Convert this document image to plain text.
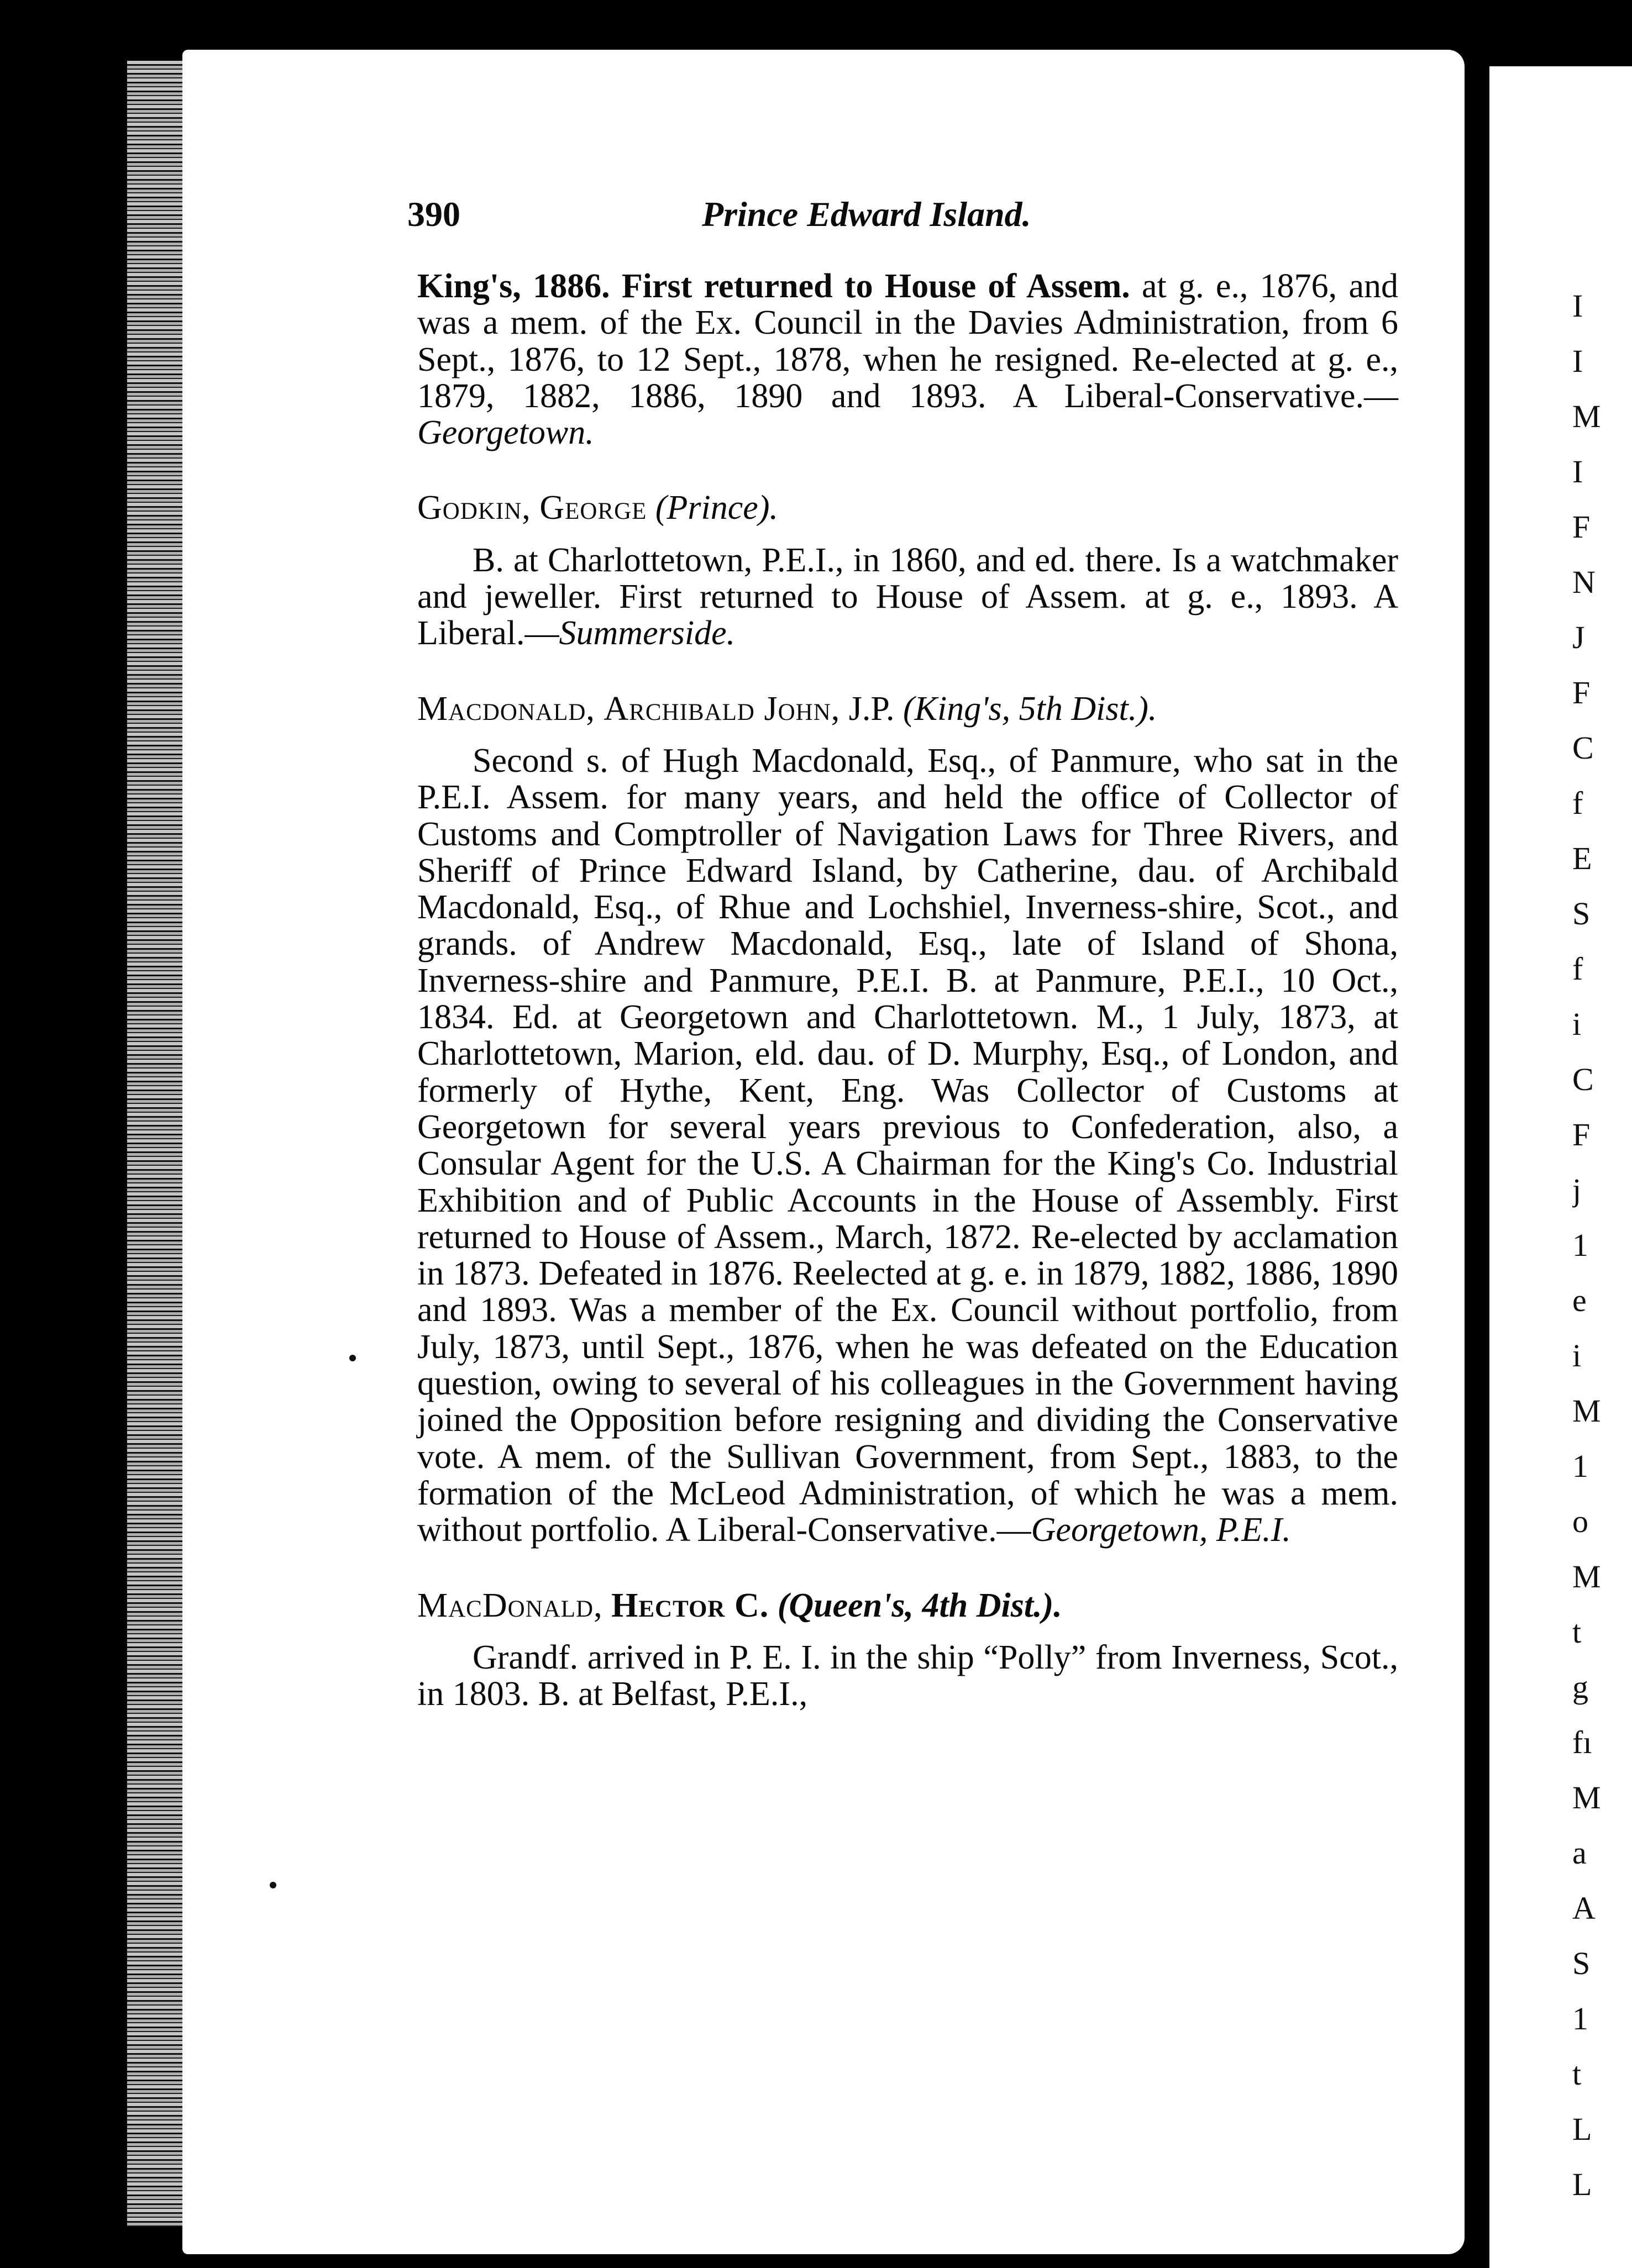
I
I
M
I
F
N
J
F
C
f
E
S
f
i
C
F
j
1
e
i
M
1
o
M
t
g
fı
M
a
A
S
1
t
L
L
390	Prince Edward Island.

King's, 1886. First returned to House of Assem. at g. e., 1876, and was a mem. of the Ex. Council in the Davies Administration, from 6 Sept., 1876, to 12 Sept., 1878, when he resigned. Re-elected at g. e., 1879, 1882, 1886, 1890 and 1893. A Liberal-Conservative.—Georgetown.

Godkin, George (Prince).

B. at Charlottetown, P.E.I., in 1860, and ed. there. Is a watchmaker and jeweller. First returned to House of Assem. at g. e., 1893. A Liberal.—Summerside.

Macdonald, Archibald John, J.P. (King's, 5th Dist.).

Second s. of Hugh Macdonald, Esq., of Panmure, who sat in the P.E.I. Assem. for many years, and held the office of Collector of Customs and Comptroller of Navigation Laws for Three Rivers, and Sheriff of Prince Edward Island, by Catherine, dau. of Archibald Macdonald, Esq., of Rhue and Lochshiel, Inverness-shire, Scot., and grands. of Andrew Macdonald, Esq., late of Island of Shona, Inverness-shire and Panmure, P.E.I. B. at Panmure, P.E.I., 10 Oct., 1834. Ed. at Georgetown and Charlottetown. M., 1 July, 1873, at Charlottetown, Marion, eld. dau. of D. Murphy, Esq., of London, and formerly of Hythe, Kent, Eng. Was Collector of Customs at Georgetown for several years previous to Confederation, also, a Consular Agent for the U.S. A Chairman for the King's Co. Industrial Exhibition and of Public Accounts in the House of Assembly. First returned to House of Assem., March, 1872. Re-elected by acclamation in 1873. Defeated in 1876. Reelected at g. e. in 1879, 1882, 1886, 1890 and 1893. Was a member of the Ex. Council without portfolio, from July, 1873, until Sept., 1876, when he was defeated on the Education question, owing to several of his colleagues in the Government having joined the Opposition before resigning and dividing the Conservative vote. A mem. of the Sullivan Government, from Sept., 1883, to the formation of the McLeod Administration, of which he was a mem. without portfolio. A Liberal-Conservative.—Georgetown, P.E.I.

MacDonald, Hector C. (Queen's, 4th Dist.).

Grandf. arrived in P. E. I. in the ship “Polly” from Inverness, Scot., in 1803. B. at Belfast, P.E.I.,
